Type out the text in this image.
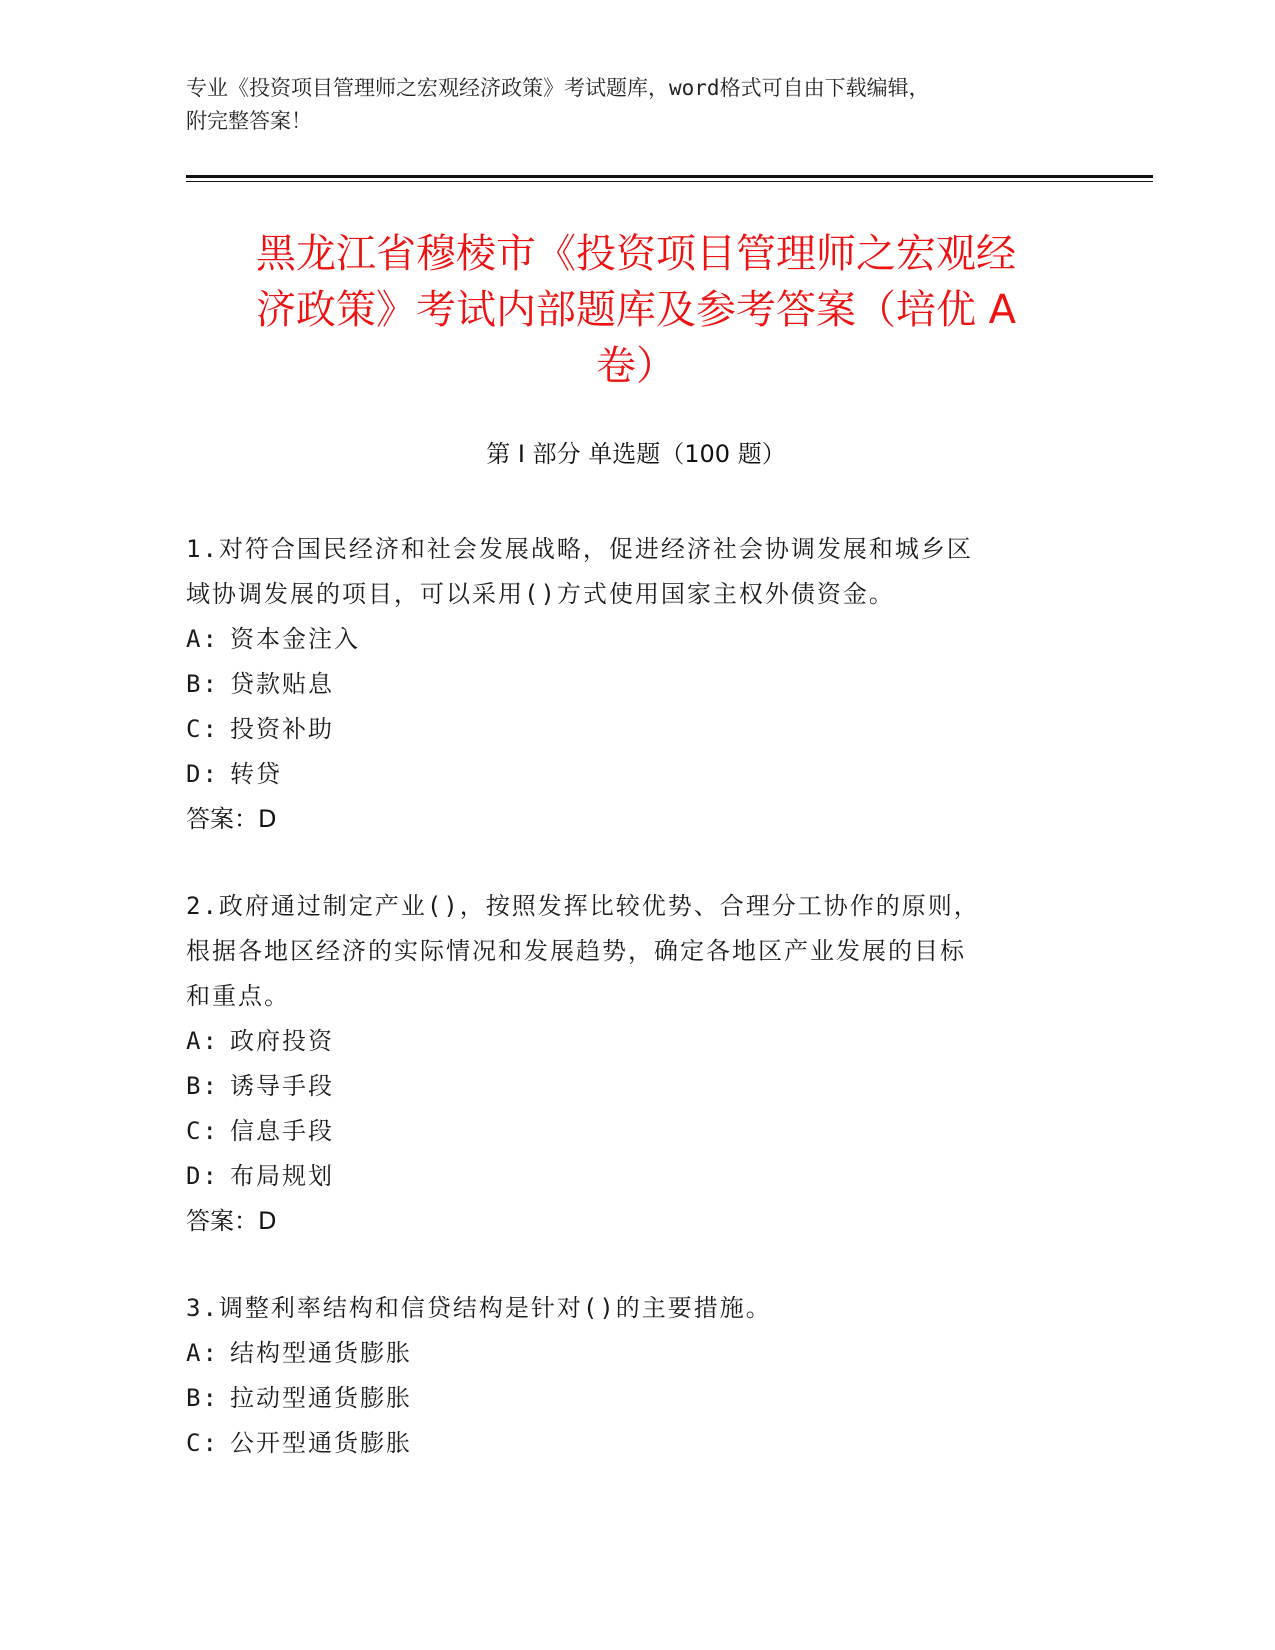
专业《投资项目管理师之宏观经济政策》考试题库，word格式可自由下载编辑，
附完整答案！
黑龙江省穆棱市《投资项目管理师之宏观经
济政策》考试内部题库及参考答案（培优 A
卷）
第 I 部分 单选题（100 题）
1.对符合国民经济和社会发展战略，促进经济社会协调发展和城乡区
域协调发展的项目，可以采用()方式使用国家主权外债资金。
A: 资本金注入
B: 贷款贴息
C: 投资补助
D: 转贷
答案：D
2.政府通过制定产业()，按照发挥比较优势、合理分工协作的原则，
根据各地区经济的实际情况和发展趋势，确定各地区产业发展的目标
和重点。
A: 政府投资
B: 诱导手段
C: 信息手段
D: 布局规划
答案：D
3.调整利率结构和信贷结构是针对()的主要措施。
A: 结构型通货膨胀
B: 拉动型通货膨胀
C: 公开型通货膨胀
